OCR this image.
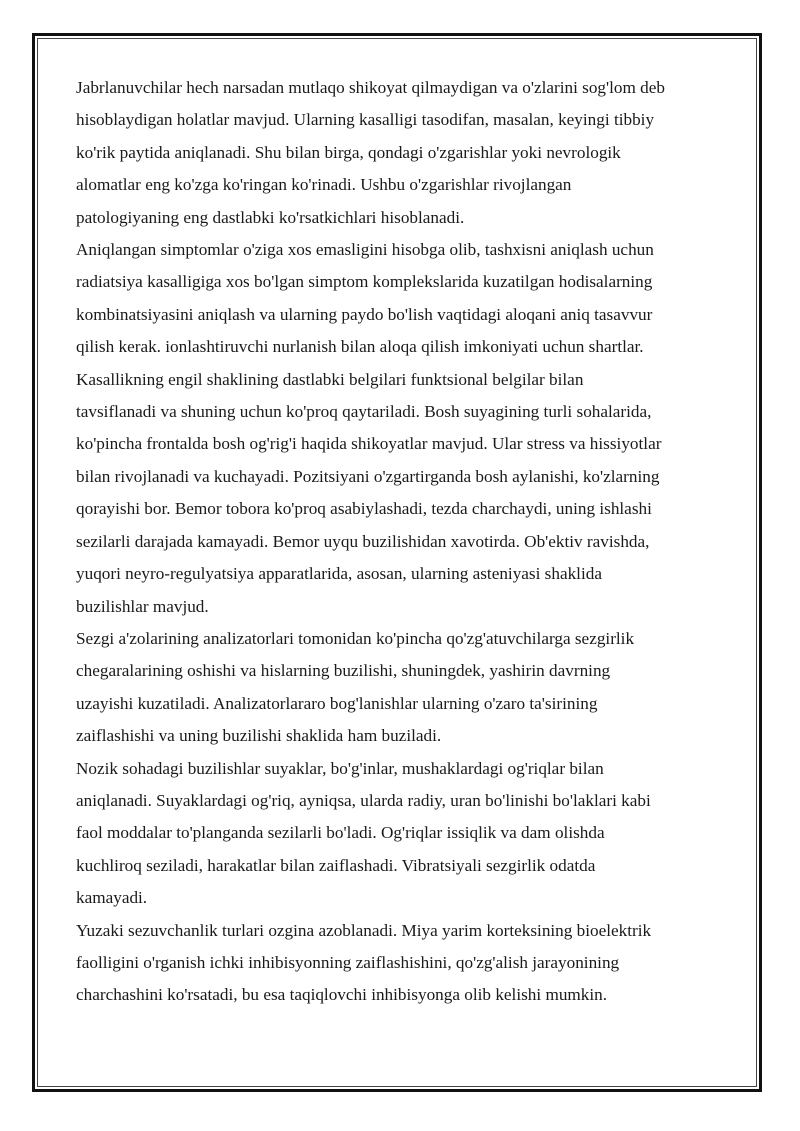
Jabrlanuvchilar hech narsadan mutlaqo shikoyat qilmaydigan va o'zlarini sog'lom deb
hisoblaydigan holatlar mavjud. Ularning kasalligi tasodifan, masalan, keyingi tibbiy
ko'rik paytida aniqlanadi. Shu bilan birga, qondagi o'zgarishlar yoki nevrologik
alomatlar eng ko'zga ko'ringan ko'rinadi. Ushbu o'zgarishlar rivojlangan
patologiyaning eng dastlabki ko'rsatkichlari hisoblanadi.

Aniqlangan simptomlar o'ziga xos emasligini hisobga olib, tashxisni aniqlash uchun
radiatsiya kasalligiga xos bo'lgan simptom komplekslarida kuzatilgan hodisalarning
kombinatsiyasini aniqlash va ularning paydo bo'lish vaqtidagi aloqani aniq tasavvur
qilish kerak. ionlashtiruvchi nurlanish bilan aloqa qilish imkoniyati uchun shartlar.

Kasallikning engil shaklining dastlabki belgilari funktsional belgilar bilan
tavsiflanadi va shuning uchun ko'proq qaytariladi. Bosh suyagining turli sohalarida,
ko'pincha frontalda bosh og'rig'i haqida shikoyatlar mavjud. Ular stress va hissiyotlar
bilan rivojlanadi va kuchayadi. Pozitsiyani o'zgartirganda bosh aylanishi, ko'zlarning
qorayishi bor. Bemor tobora ko'proq asabiylashadi, tezda charchaydi, uning ishlashi
sezilarli darajada kamayadi. Bemor uyqu buzilishidan xavotirda. Ob'ektiv ravishda,
yuqori neyro-regulyatsiya apparatlarida, asosan, ularning asteniyasi shaklida
buzilishlar mavjud.

Sezgi a'zolarining analizatorlari tomonidan ko'pincha qo'zg'atuvchilarga sezgirlik
chegaralarining oshishi va hislarning buzilishi, shuningdek, yashirin davrning
uzayishi kuzatiladi. Analizatorlararo bog'lanishlar ularning o'zaro ta'sirining
zaiflashishi va uning buzilishi shaklida ham buziladi.

Nozik sohadagi buzilishlar suyaklar, bo'g'inlar, mushaklardagi og'riqlar bilan
aniqlanadi. Suyaklardagi og'riq, ayniqsa, ularda radiy, uran bo'linishi bo'laklari kabi
faol moddalar to'planganda sezilarli bo'ladi. Og'riqlar issiqlik va dam olishda
kuchliroq seziladi, harakatlar bilan zaiflashadi. Vibratsiyali sezgirlik odatda
kamayadi.

Yuzaki sezuvchanlik turlari ozgina azoblanadi. Miya yarim korteksining bioelektrik
faolligini o'rganish ichki inhibisyonning zaiflashishini, qo'zg'alish jarayonining
charchashini ko'rsatadi, bu esa taqiqlovchi inhibisyonga olib kelishi mumkin.
